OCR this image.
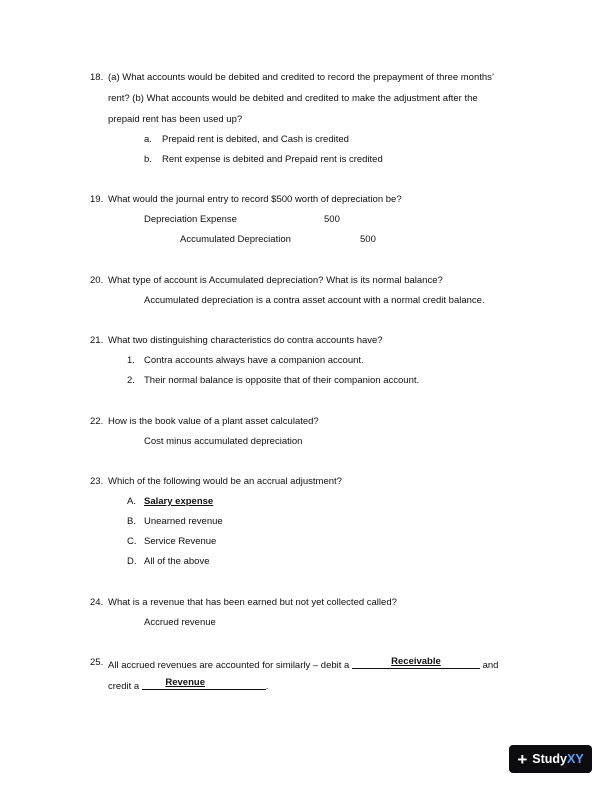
18. (a) What accounts would be debited and credited to record the prepayment of three months’
rent? (b) What accounts would be debited and credited to make the adjustment after the
prepaid rent has been used up?
a. Prepaid rent is debited, and Cash is credited
b. Rent expense is debited and Prepaid rent is credited
19. What would the journal entry to record $500 worth of depreciation be?
Depreciation Expense	500
Accumulated Depreciation	500
20. What type of account is Accumulated depreciation? What is its normal balance?
Accumulated depreciation is a contra asset account with a normal credit balance.
21. What two distinguishing characteristics do contra accounts have?
1. Contra accounts always have a companion account.
2. Their normal balance is opposite that of their companion account.
22. How is the book value of a plant asset calculated?
Cost minus accumulated depreciation
23. Which of the following would be an accrual adjustment?
A. Salary expense
B. Unearned revenue
C. Service Revenue
D. All of the above
24. What is a revenue that has been earned but not yet collected called?
Accrued revenue
25. All accrued revenues are accounted for similarly – debit a	Receivable	and
credit a	Revenue	.
+ StudyXY
